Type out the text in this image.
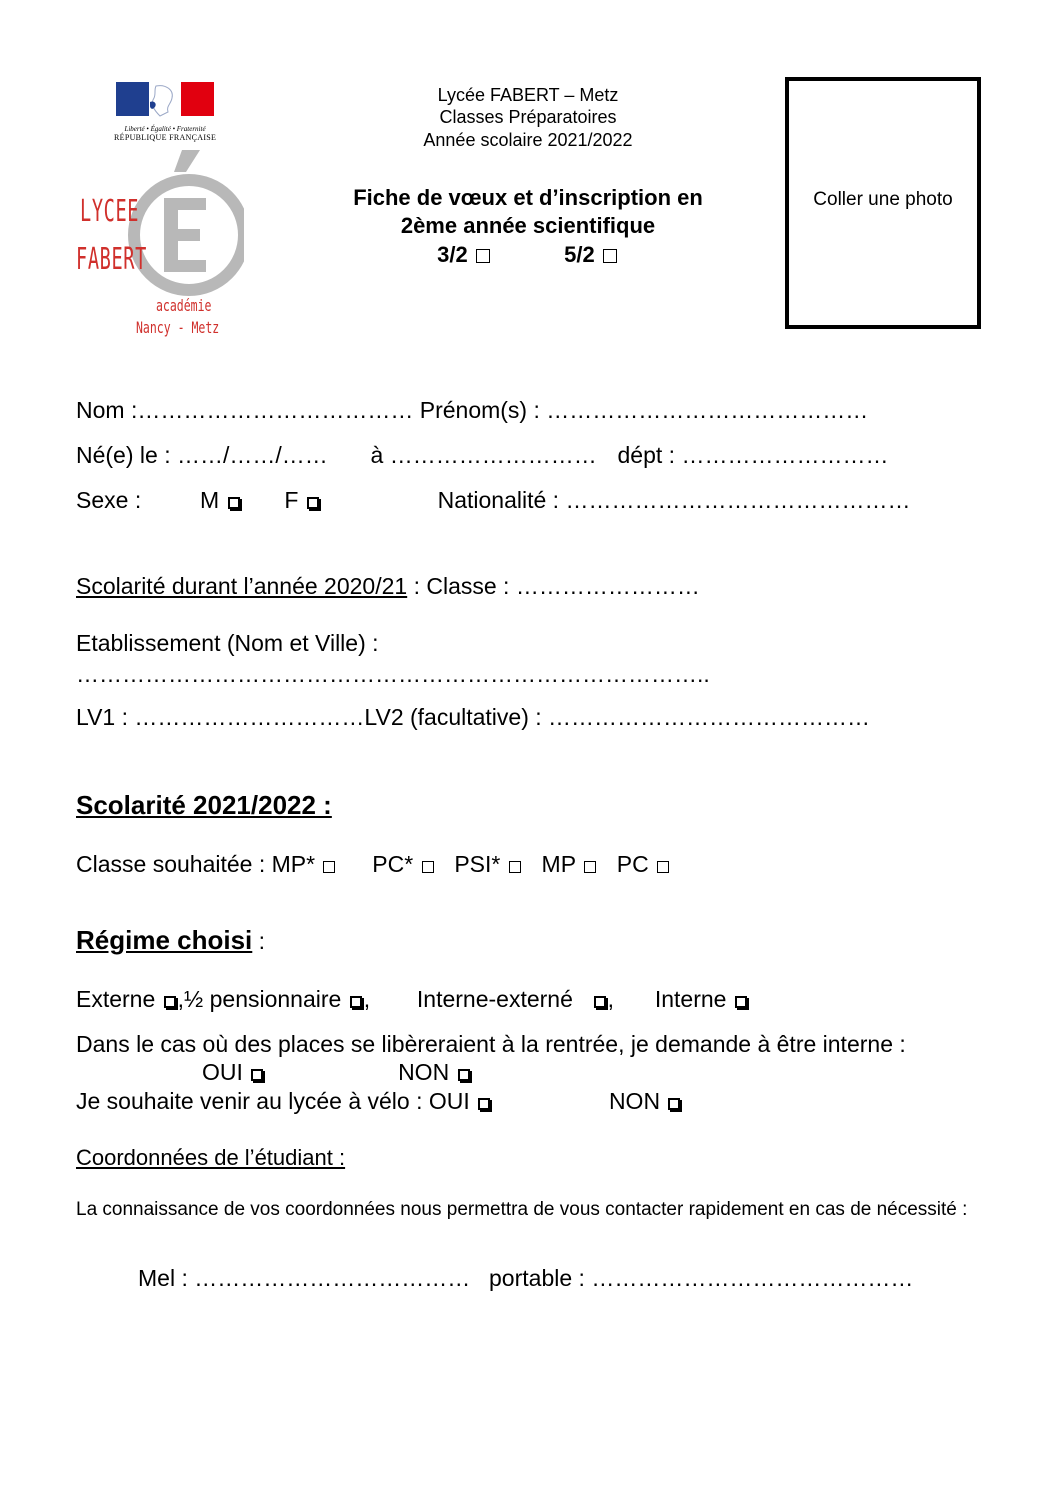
Liberté • Égalité • Fraternité
RÉPUBLIQUE FRANÇAISE
LYCEE
FABERT
académie
Nancy - Metz
Lycée FABERT – Metz
Classes Préparatoires
Année scolaire 2021/2022
Fiche de vœux et d’inscription en
2ème année scientifique
3/2	5/2
Coller une photo
Nom :……………………………… Prénom(s) : ……………………………………
Né(e) le : ……/……/…… à ……………………… dépt : ………………………
Sexe :	M	F	Nationalité : ………………………………………
Scolarité durant l’année 2020/21 : Classe : ……………………
Etablissement (Nom et Ville) :
………………………………………………………………………..
LV1 : …………………………LV2 (facultative) : ……………………………………
Scolarité 2021/2022 :
Classe souhaitée : MP* PC* PSI* MP PC
Régime choisi :
Externe ,½ pensionnaire ,  Interne-externé ,  Interne
Dans le cas où des places se libèreraient à la rentrée, je demande à être interne :
OUI	NON
Je souhaite venir au lycée à vélo : OUI	NON
Coordonnées de l’étudiant :
La connaissance de vos coordonnées nous permettra de vous contacter rapidement en cas de nécessité :
Mel : ……………………………… portable : ……………………………………
